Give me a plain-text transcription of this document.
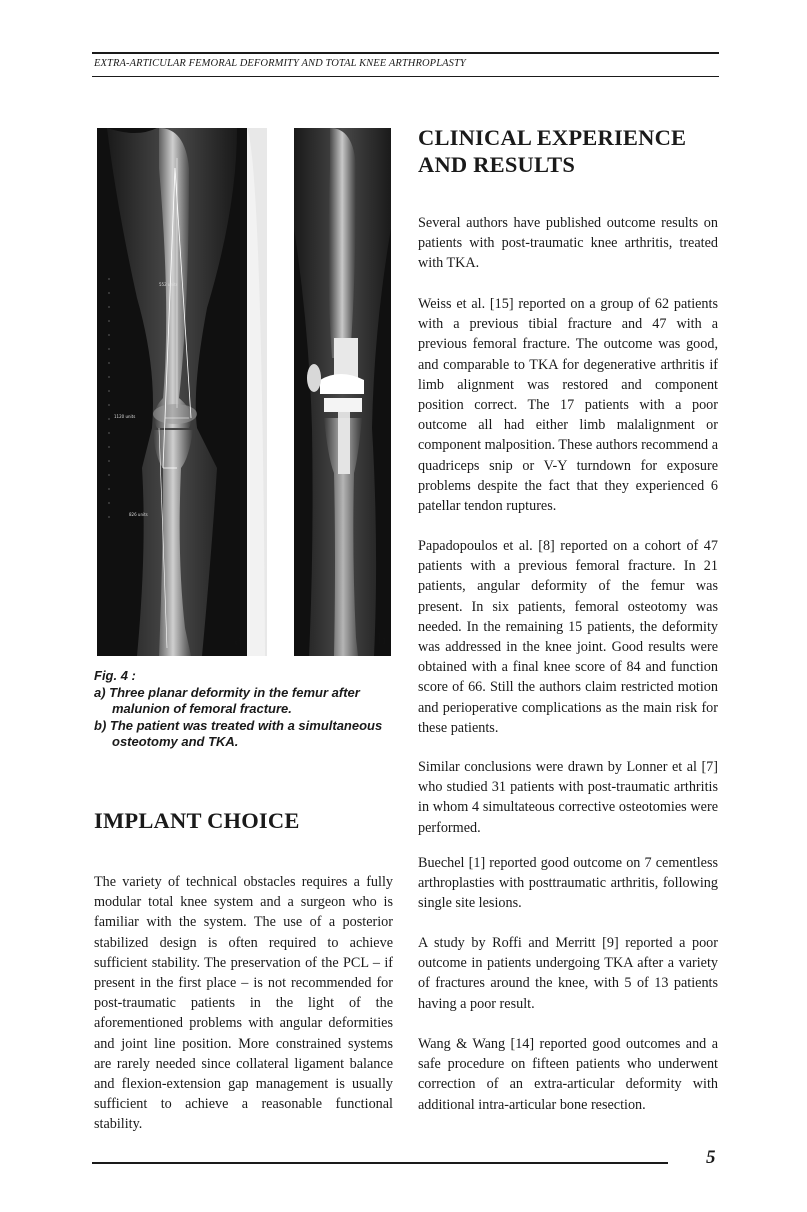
EXTRA-ARTICULAR FEMORAL DEFORMITY AND TOTAL KNEE ARTHROPLASTY
552 units
1120 units
826 units
a	b
Fig. 4 :
a) Three planar deformity in the femur after malunion of femoral fracture.
b) The patient was treated with a simultaneous osteotomy and TKA.
IMPLANT CHOICE

The variety of technical obstacles requires a fully modular total knee system and a surgeon who is familiar with the system. The use of a posterior stabilized design is often required to achieve sufficient stability. The preservation of the PCL – if present in the first place – is not recommended for post-traumatic patients in the light of the aforementioned problems with angular deformities and joint line position. More constrained systems are rarely needed since collateral ligament balance and flexion-extension gap management is usually sufficient to achieve a reasonable functional stability.

CLINICAL EXPERIENCE AND RESULTS

Several authors have published outcome results on patients with post-traumatic knee arthritis, treated with TKA.

Weiss et al. [15] reported on a group of 62 patients with a previous tibial fracture and 47 with a previous femoral fracture. The outcome was good, and comparable to TKA for degenerative arthritis if limb alignment was restored and component position correct. The 17 patients with a poor outcome all had either limb malalignment or component malposition. These authors recommend a quadriceps snip or V-Y turndown for exposure problems despite the fact that they experienced 6 patellar tendon ruptures.

Papadopoulos et al. [8] reported on a cohort of 47 patients with a previous femoral fracture. In 21 patients, angular deformity of the femur was present. In six patients, femoral osteotomy was needed. In the remaining 15 patients, the deformity was addressed in the knee joint. Good results were obtained with a final knee score of 84 and function score of 66. Still the authors claim restricted motion and perioperative complications as the main risk for these patients.

Similar conclusions were drawn by Lonner et al [7] who studied 31 patients with post-traumatic arthritis in whom 4 simultateous corrective osteotomies were performed.

Buechel [1] reported good outcome on 7 cementless arthroplasties with posttraumatic arthritis, following single site lesions.

A study by Roffi and Merritt [9] reported a poor outcome in patients undergoing TKA after a variety of fractures around the knee, with 5 of 13 patients having a poor result.

Wang & Wang [14] reported good outcomes and a safe procedure on fifteen patients who underwent correction of an extra-articular deformity with additional intra-articular bone resection.

5
